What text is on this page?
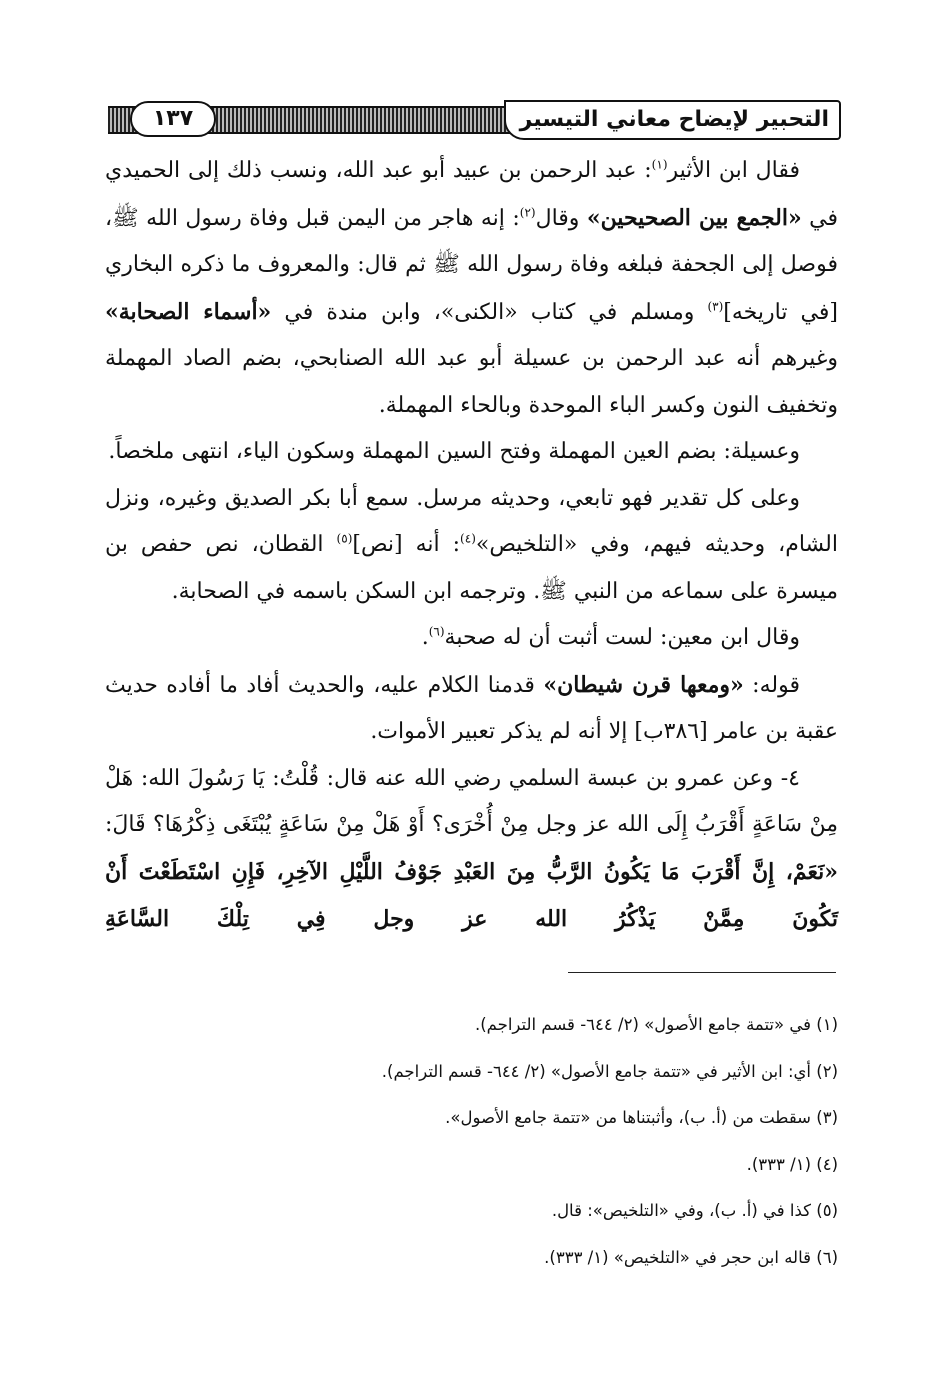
التحبير لإيضاح معاني التيسير
١٣٧

فقال ابن الأثير$^{(١)}$: عبد الرحمن بن عبيد أبو عبد الله، ونسب ذلك إلى الحميدي في «الجمع بين الصحيحين» وقال$^{(٢)}$: إنه هاجر من اليمن قبل وفاة رسول الله ﷺ، فوصل إلى الجحفة فبلغه وفاة رسول الله ﷺ ثم قال: والمعروف ما ذكره البخاري [في تاريخه]$^{(٣)}$ ومسلم في كتاب «الكنى»، وابن مندة في «أسماء الصحابة» وغيرهم أنه عبد الرحمن بن عسيلة أبو عبد الله الصنابحي، بضم الصاد المهملة وتخفيف النون وكسر الباء الموحدة وبالحاء المهملة.

وعسيلة: بضم العين المهملة وفتح السين المهملة وسكون الياء، انتهى ملخصاً.

وعلى كل تقدير فهو تابعي، وحديثه مرسل. سمع أبا بكر الصديق وغيره، ونزل الشام، وحديثه فيهم، وفي «التلخيص»$^{(٤)}$: أنه [نص]$^{(٥)}$ القطان، نص حفص بن ميسرة على سماعه من النبي ﷺ. وترجمه ابن السكن باسمه في الصحابة.

وقال ابن معين: لست أثبت أن له صحبة$^{(٦)}$.

قوله: «ومعها قرن شيطان» قدمنا الكلام عليه، والحديث أفاد ما أفاده حديث عقبة بن عامر [٣٨٦ب] إلا أنه لم يذكر تعبير الأموات.

٤- وعن عمرو بن عبسة السلمي رضي الله عنه قال: قُلْتُ: يَا رَسُولَ الله: هَلْ مِنْ سَاعَةٍ أَقْرَبُ إِلَى الله عز وجل مِنْ أُخْرَى؟ أَوْ هَلْ مِنْ سَاعَةٍ يُبْتَغَى ذِكْرُهَا؟ قَالَ: «نَعَمْ، إِنَّ أَقْرَبَ مَا يَكُونُ الرَّبُّ مِنَ العَبْدِ جَوْفُ اللَّيْلِ الآخِرِ، فَإِنِ اسْتَطَعْتَ أَنْ تَكُونَ مِمَّنْ يَذْكُرُ الله عز وجل فِي تِلْكَ السَّاعَةِ

(١) في «تتمة جامع الأصول» (٢/ ٦٤٤- قسم التراجم).

(٢) أي: ابن الأثير في «تتمة جامع الأصول» (٢/ ٦٤٤- قسم التراجم).

(٣) سقطت من (أ. ب)، وأثبتناها من «تتمة جامع الأصول».

(٤) (١/ ٣٣٣).

(٥) كذا في (أ. ب)، وفي «التلخيص»: قال.

(٦) قاله ابن حجر في «التلخيص» (١/ ٣٣٣).
